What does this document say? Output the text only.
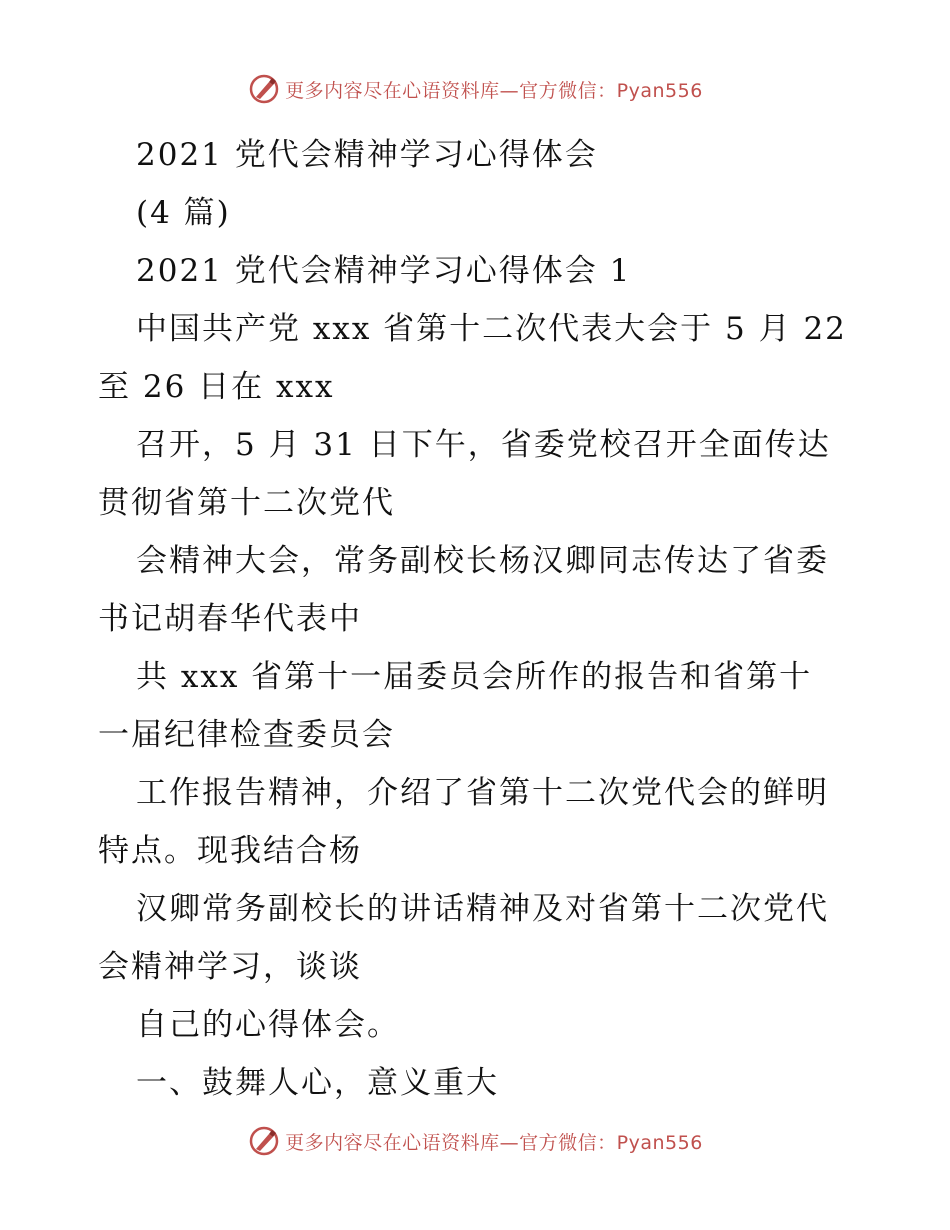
更多内容尽在心语资料库—官方微信：Pyan556
2021 党代会精神学习心得体会
(4 篇)
2021 党代会精神学习心得体会 1
中国共产党 xxx 省第十二次代表大会于 5 月 22
至 26 日在 xxx
召开，5 月 31 日下午，省委党校召开全面传达
贯彻省第十二次党代
会精神大会，常务副校长杨汉卿同志传达了省委
书记胡春华代表中
共 xxx 省第十一届委员会所作的报告和省第十
一届纪律检查委员会
工作报告精神，介绍了省第十二次党代会的鲜明
特点。现我结合杨
汉卿常务副校长的讲话精神及对省第十二次党代
会精神学习，谈谈
自己的心得体会。
一、鼓舞人心，意义重大
更多内容尽在心语资料库—官方微信：Pyan556
